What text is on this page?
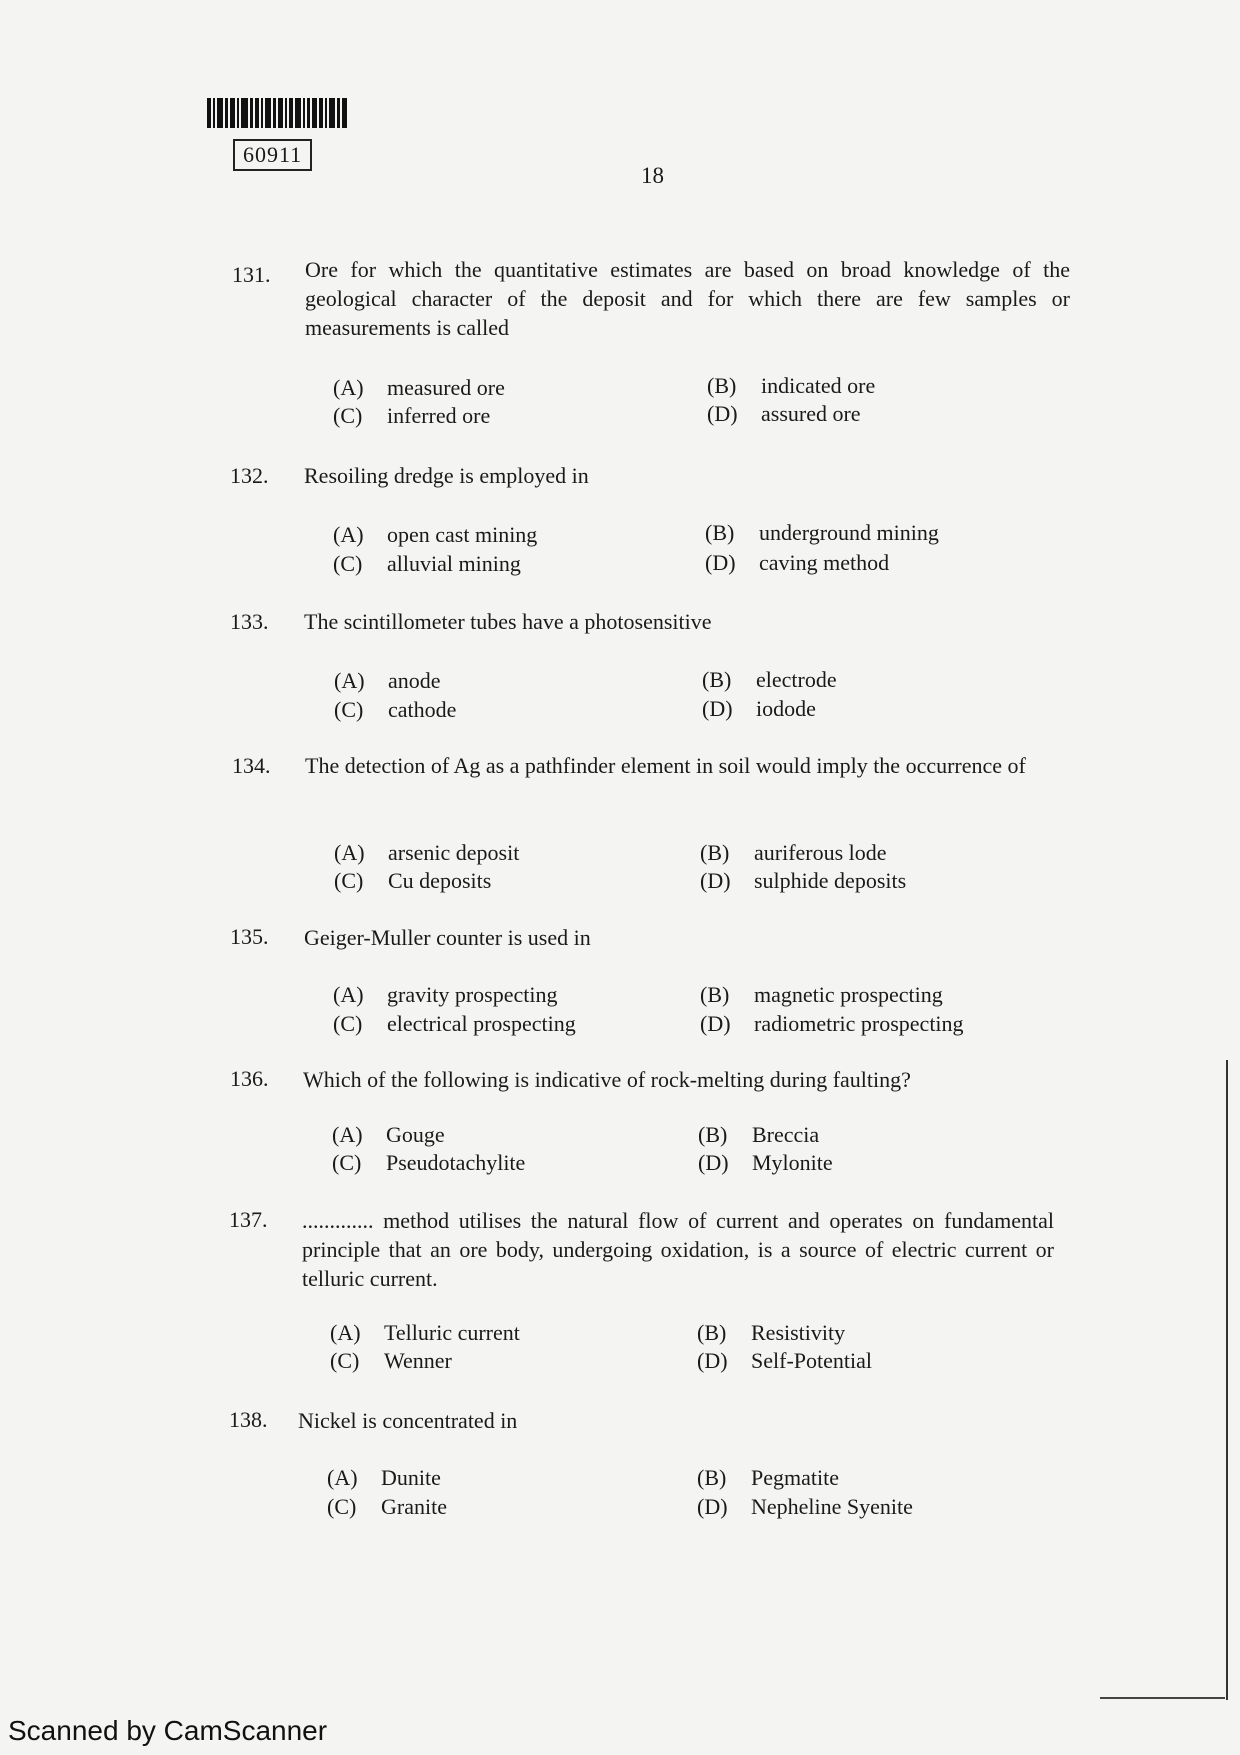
60911
18
131. Ore for which the quantitative estimates are based on broad knowledge of the geological character of the deposit and for which there are few samples or measurements is called
(A) measured ore	(B) indicated ore
(C) inferred ore	(D) assured ore
132. Resoiling dredge is employed in
(A) open cast mining	(B) underground mining
(C) alluvial mining	(D) caving method
133. The scintillometer tubes have a photosensitive
(A) anode	(B) electrode
(C) cathode	(D) iodode
134. The detection of Ag as a pathfinder element in soil would imply the occurrence of
(A) arsenic deposit	(B) auriferous lode
(C) Cu deposits	(D) sulphide deposits
135. Geiger-Muller counter is used in
(A) gravity prospecting	(B) magnetic prospecting
(C) electrical prospecting	(D) radiometric prospecting
136. Which of the following is indicative of rock-melting during faulting?
(A) Gouge	(B) Breccia
(C) Pseudotachylite	(D) Mylonite
137. ............. method utilises the natural flow of current and operates on fundamental principle that an ore body, undergoing oxidation, is a source of electric current or telluric current.
(A) Telluric current	(B) Resistivity
(C) Wenner	(D) Self-Potential
138. Nickel is concentrated in
(A) Dunite	(B) Pegmatite
(C) Granite	(D) Nepheline Syenite
Scanned by CamScanner
